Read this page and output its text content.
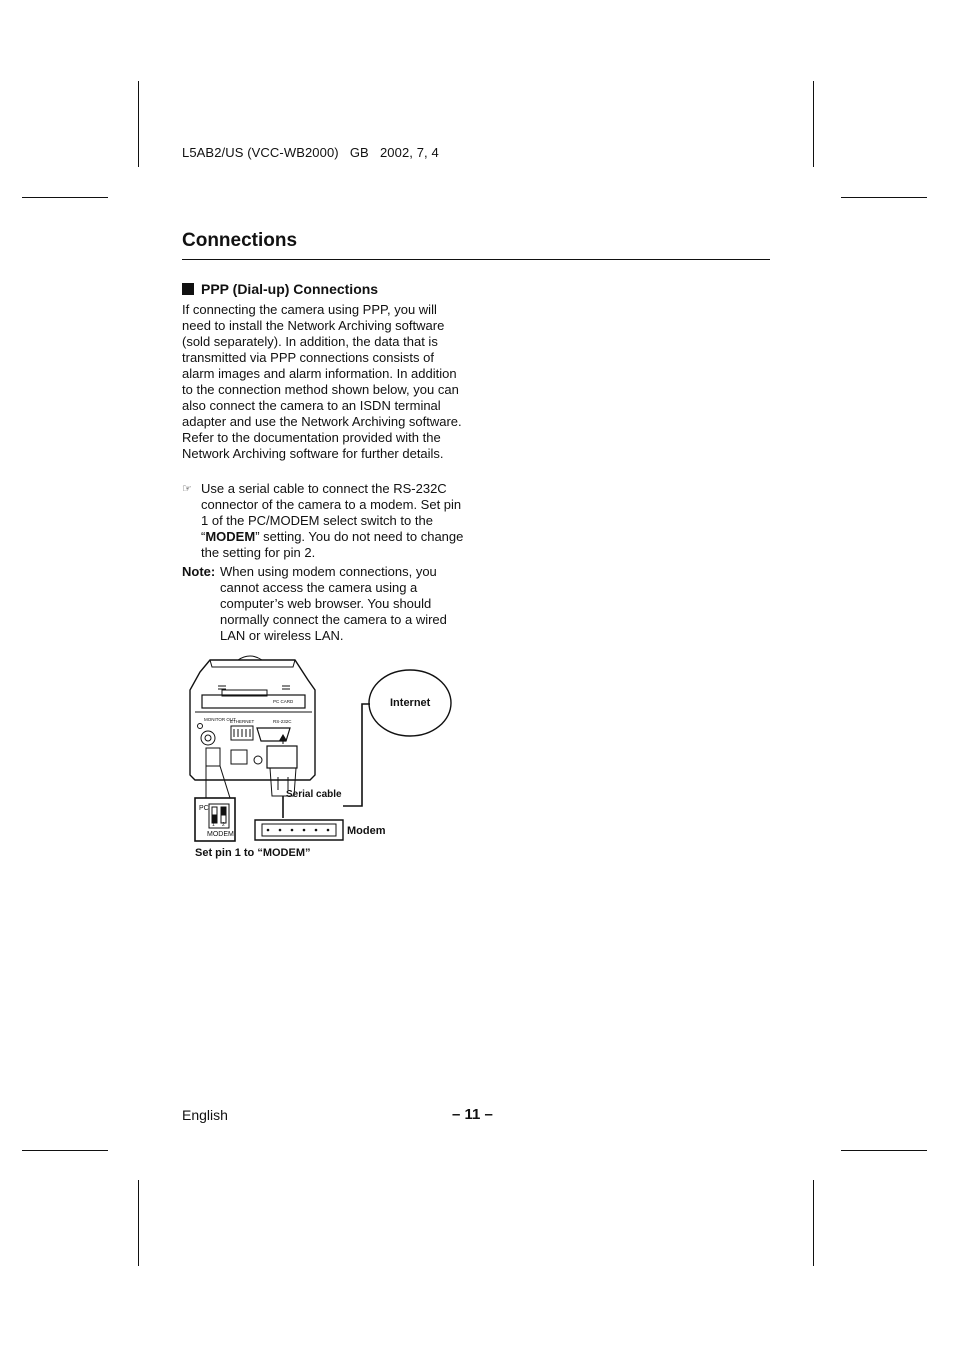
L5AB2/US (VCC-WB2000)   GB   2002, 7, 4
Connections
PPP (Dial-up) Connections

If connecting the camera using PPP, you will need to install the Network Archiving software (sold separately). In addition, the data that is transmitted via PPP connections consists of alarm images and alarm information. In addition to the connection method shown below, you can also connect the camera to an ISDN terminal adapter and use the Network Archiving software. Refer to the documentation provided with the Network Archiving software for further details.

☞ Use a serial cable to connect the RS-232C connector of the camera to a modem. Set pin 1 of the PC/MODEM select switch to the “MODEM” setting. You do not need to change the setting for pin 2.
Note: When using modem connections, you cannot access the camera using a computer’s web browser. You should normally connect the camera to a wired LAN or wireless LAN.
PC CARD
MONITOR OUT
ETHERNET	RS-232C
Internet
Serial cable
Modem
PC
1 2
MODEM
Set pin 1 to “MODEM”
English	– 11 –
